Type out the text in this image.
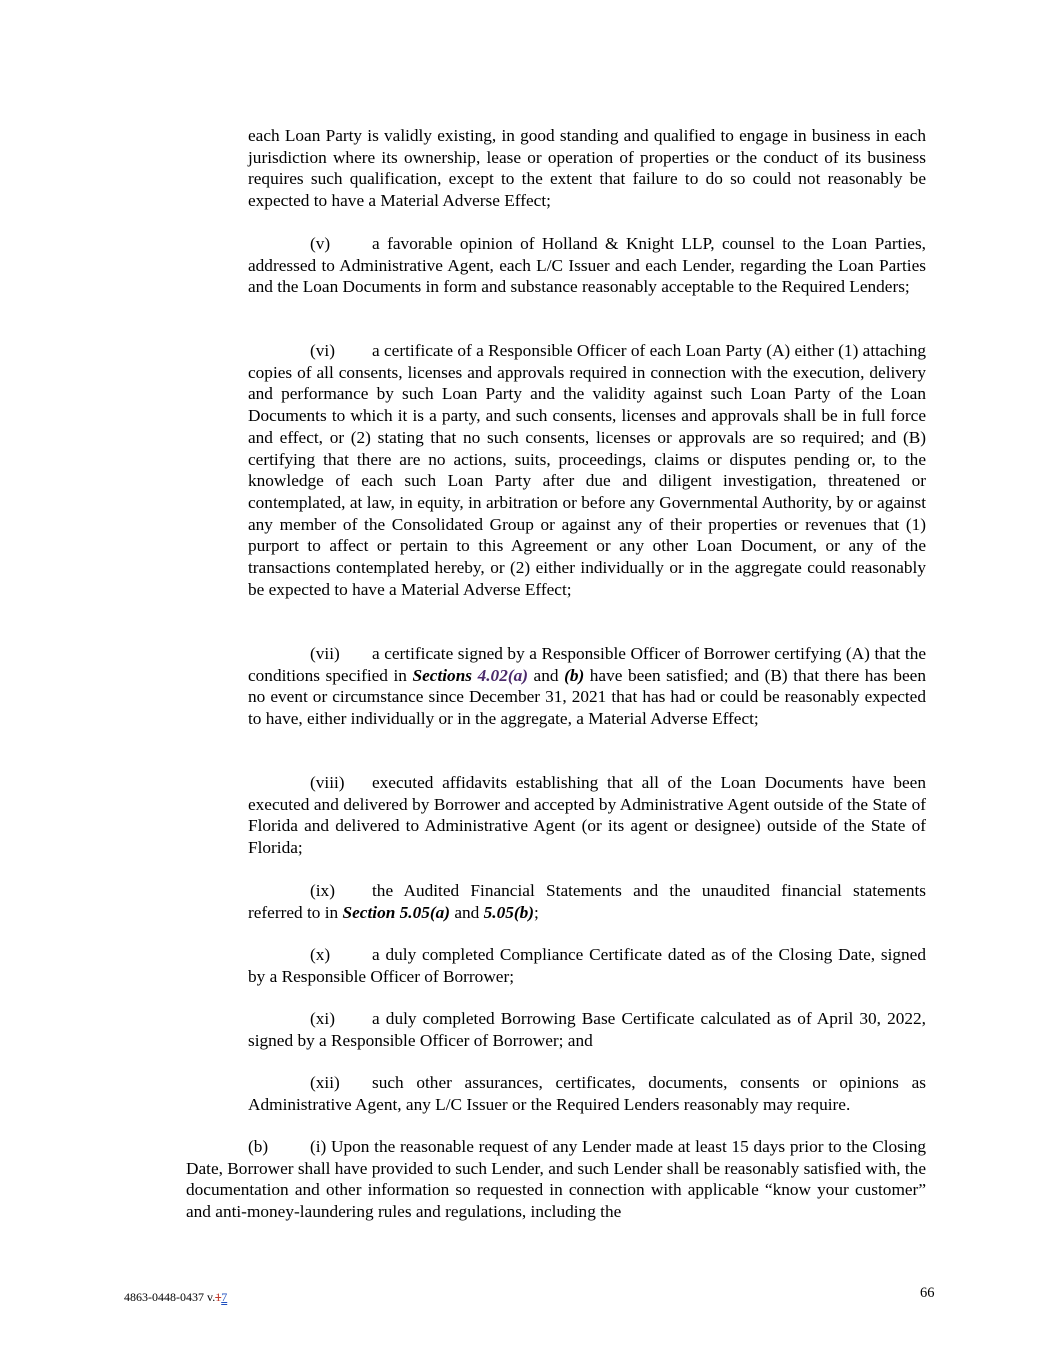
each Loan Party is validly existing, in good standing and qualified to engage in business in each jurisdiction where its ownership, lease or operation of properties or the conduct of its business requires such qualification, except to the extent that failure to do so could not reasonably be expected to have a Material Adverse Effect;

(v) a favorable opinion of Holland & Knight LLP, counsel to the Loan Parties, addressed to Administrative Agent, each L/C Issuer and each Lender, regarding the Loan Parties and the Loan Documents in form and substance reasonably acceptable to the Required Lenders;

(vi) a certificate of a Responsible Officer of each Loan Party (A) either (1) attaching copies of all consents, licenses and approvals required in connection with the execution, delivery and performance by such Loan Party and the validity against such Loan Party of the Loan Documents to which it is a party, and such consents, licenses and approvals shall be in full force and effect, or (2) stating that no such consents, licenses or approvals are so required; and (B) certifying that there are no actions, suits, proceedings, claims or disputes pending or, to the knowledge of each such Loan Party after due and diligent investigation, threatened or contemplated, at law, in equity, in arbitration or before any Governmental Authority, by or against any member of the Consolidated Group or against any of their properties or revenues that (1) purport to affect or pertain to this Agreement or any other Loan Document, or any of the transactions contemplated hereby, or (2) either individually or in the aggregate could reasonably be expected to have a Material Adverse Effect;

(vii) a certificate signed by a Responsible Officer of Borrower certifying (A) that the conditions specified in Sections 4.02(a) and (b) have been satisfied; and (B) that there has been no event or circumstance since December 31, 2021 that has had or could be reasonably expected to have, either individually or in the aggregate, a Material Adverse Effect;

(viii) executed affidavits establishing that all of the Loan Documents have been executed and delivered by Borrower and accepted by Administrative Agent outside of the State of Florida and delivered to Administrative Agent (or its agent or designee) outside of the State of Florida;

(ix) the Audited Financial Statements and the unaudited financial statements referred to in Section 5.05(a) and 5.05(b);

(x) a duly completed Compliance Certificate dated as of the Closing Date, signed by a Responsible Officer of Borrower;

(xi) a duly completed Borrowing Base Certificate calculated as of April 30, 2022, signed by a Responsible Officer of Borrower; and

(xii) such other assurances, certificates, documents, consents or opinions as Administrative Agent, any L/C Issuer or the Required Lenders reasonably may require.

(b) (i) Upon the reasonable request of any Lender made at least 15 days prior to the Closing Date, Borrower shall have provided to such Lender, and such Lender shall be reasonably satisfied with, the documentation and other information so requested in connection with applicable “know your customer” and anti-money-laundering rules and regulations, including the

4863-0448-0437 v.17	66
